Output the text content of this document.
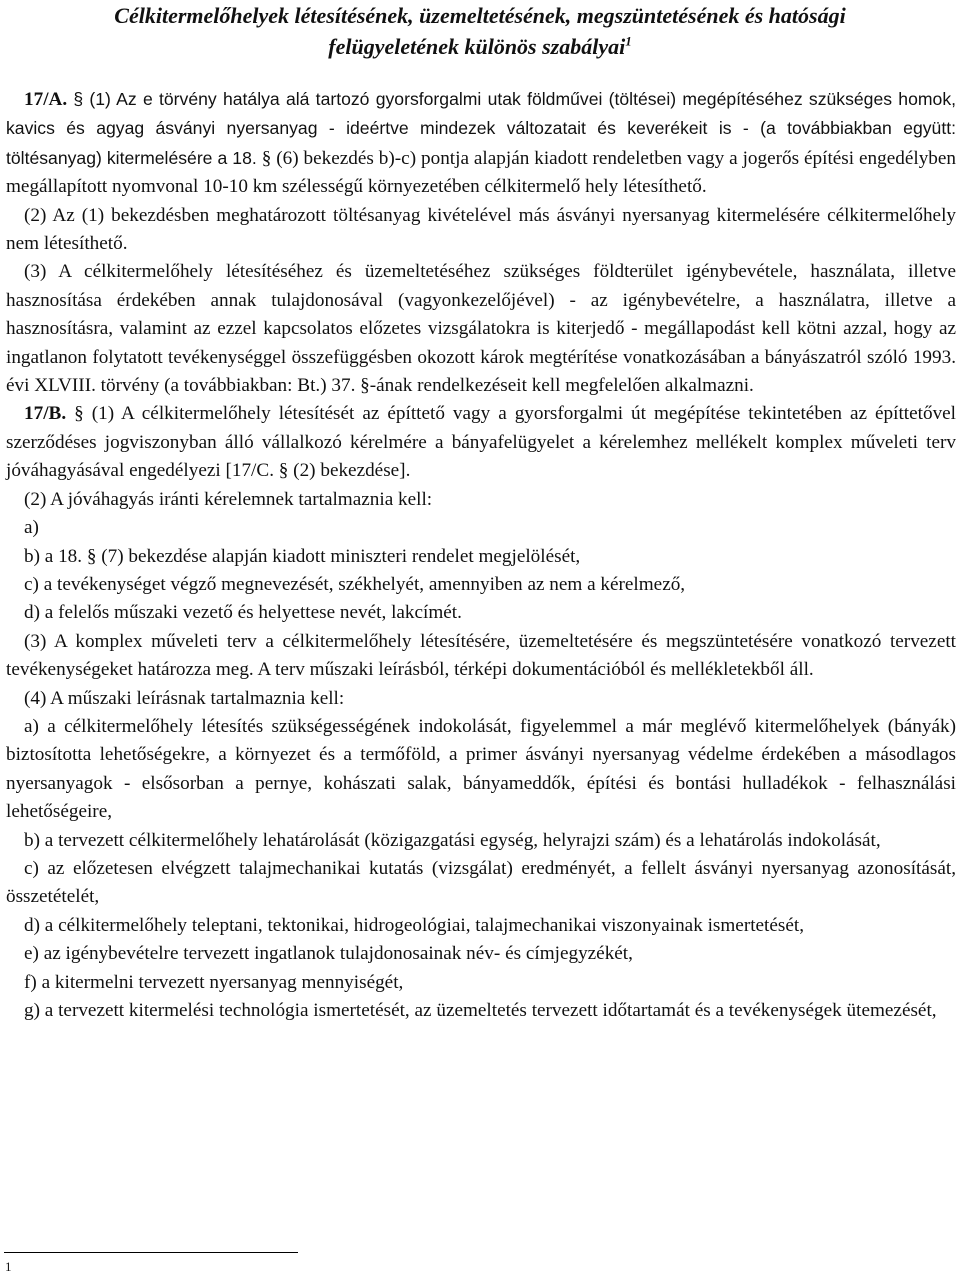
Célkitermelőhelyek létesítésének, üzemeltetésének, megszüntetésének és hatósági
felügyeletének különös szabályai$^1$

17/A. § (1) Az e törvény hatálya alá tartozó gyorsforgalmi utak földművei (töltései) megépítéséhez szükséges homok, kavics és agyag ásványi nyersanyag - ideértve mindezek változatait és keverékeit is - (a továbbiakban együtt: töltésanyag) kitermelésére a 18. § (6) bekezdés b)-c) pontja alapján kiadott rendeletben vagy a jogerős építési engedélyben megállapított nyomvonal 10-10 km szélességű környezetében célkitermelő hely létesíthető.

(2) Az (1) bekezdésben meghatározott töltésanyag kivételével más ásványi nyersanyag kitermelésére célkitermelőhely nem létesíthető.

(3) A célkitermelőhely létesítéséhez és üzemeltetéséhez szükséges földterület igénybevétele, használata, illetve hasznosítása érdekében annak tulajdonosával (vagyonkezelőjével) - az igénybevételre, a használatra, illetve a hasznosításra, valamint az ezzel kapcsolatos előzetes vizsgálatokra is kiterjedő - megállapodást kell kötni azzal, hogy az ingatlanon folytatott tevékenységgel összefüggésben okozott károk megtérítése vonatkozásában a bányászatról szóló 1993. évi XLVIII. törvény (a továbbiakban: Bt.) 37. §-ának rendelkezéseit kell megfelelően alkalmazni.

17/B. § (1) A célkitermelőhely létesítését az építtető vagy a gyorsforgalmi út megépítése tekintetében az építtetővel szerződéses jogviszonyban álló vállalkozó kérelmére a bányafelügyelet a kérelemhez mellékelt komplex műveleti terv jóváhagyásával engedélyezi [17/C. § (2) bekezdése].

(2) A jóváhagyás iránti kérelemnek tartalmaznia kell:

a)

b) a 18. § (7) bekezdése alapján kiadott miniszteri rendelet megjelölését,

c) a tevékenységet végző megnevezését, székhelyét, amennyiben az nem a kérelmező,

d) a felelős műszaki vezető és helyettese nevét, lakcímét.

(3) A komplex műveleti terv a célkitermelőhely létesítésére, üzemeltetésére és megszüntetésére vonatkozó tervezett tevékenységeket határozza meg. A terv műszaki leírásból, térképi dokumentációból és mellékletekből áll.

(4) A műszaki leírásnak tartalmaznia kell:

a) a célkitermelőhely létesítés szükségességének indokolását, figyelemmel a már meglévő kitermelőhelyek (bányák) biztosította lehetőségekre, a környezet és a termőföld, a primer ásványi nyersanyag védelme érdekében a másodlagos nyersanyagok - elsősorban a pernye, kohászati salak, bányameddők, építési és bontási hulladékok - felhasználási lehetőségeire,

b) a tervezett célkitermelőhely lehatárolását (közigazgatási egység, helyrajzi szám) és a lehatárolás indokolását,

c) az előzetesen elvégzett talajmechanikai kutatás (vizsgálat) eredményét, a fellelt ásványi nyersanyag azonosítását, összetételét,

d) a célkitermelőhely teleptani, tektonikai, hidrogeológiai, talajmechanikai viszonyainak ismertetését,

e) az igénybevételre tervezett ingatlanok tulajdonosainak név- és címjegyzékét,

f) a kitermelni tervezett nyersanyag mennyiségét,

g) a tervezett kitermelési technológia ismertetését, az üzemeltetés tervezett időtartamát és a tevékenységek ütemezését,

1
